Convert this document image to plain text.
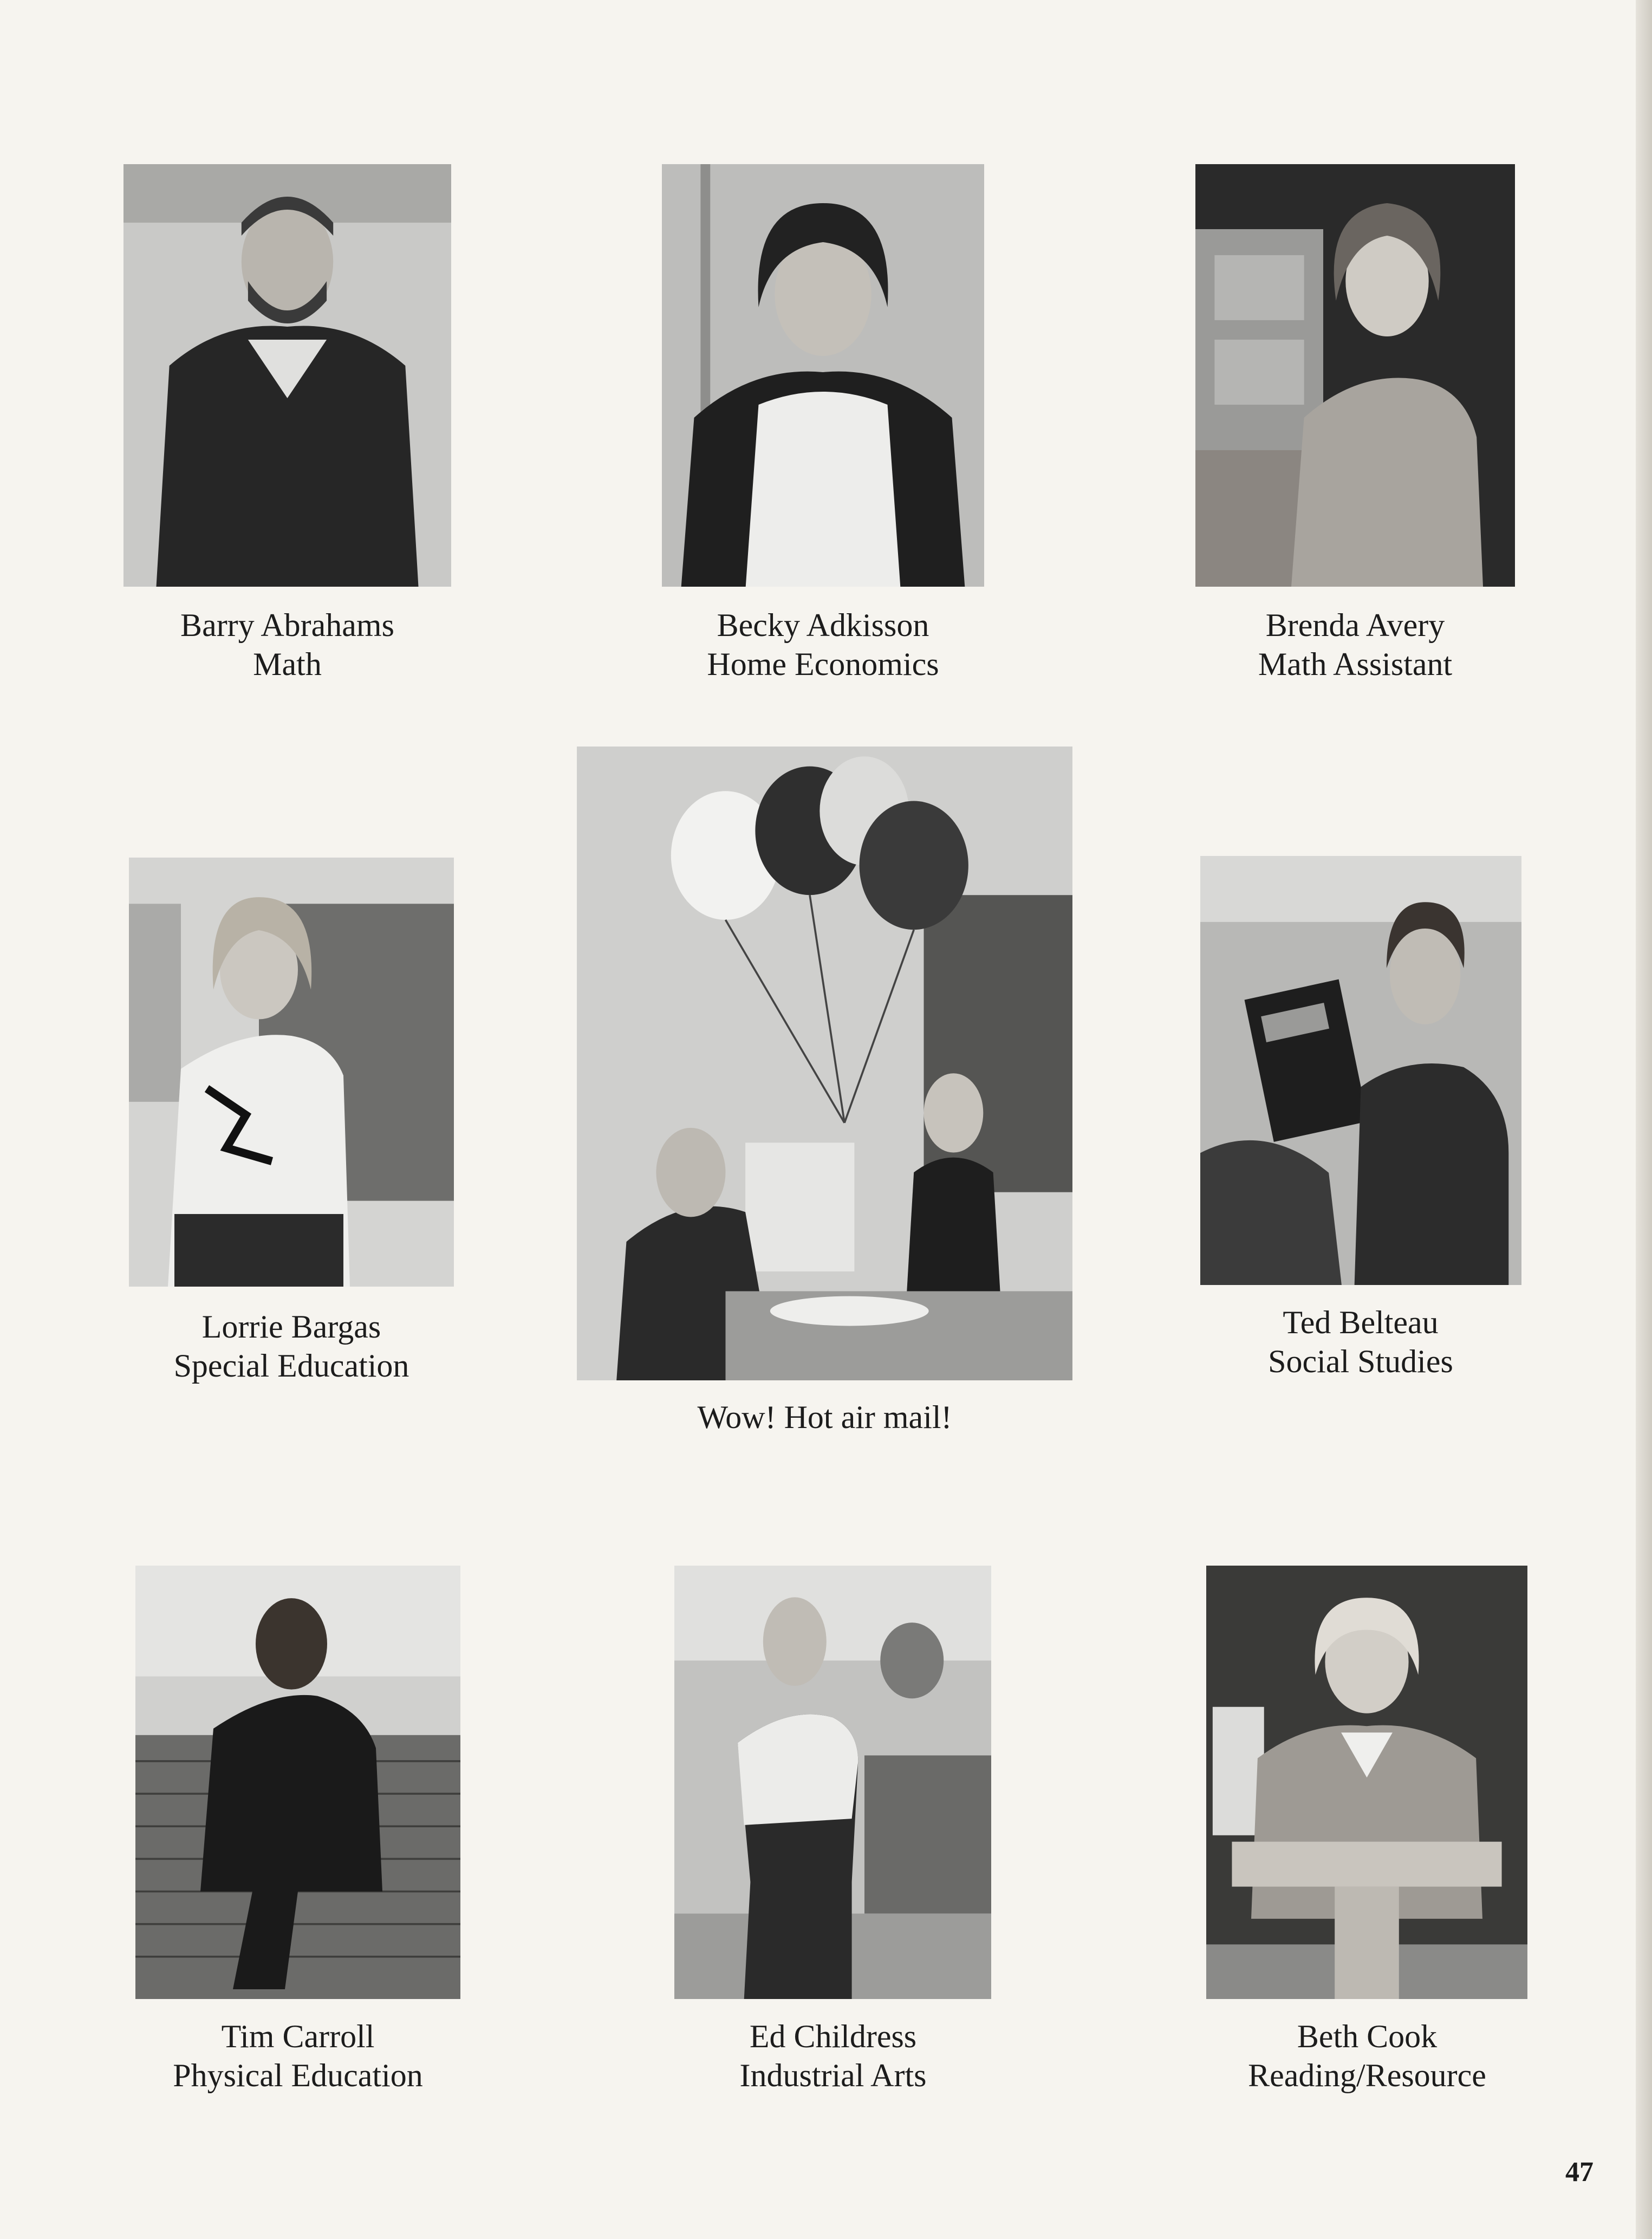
Barry Abrahams
Math
Becky Adkisson
Home Economics
Brenda Avery
Math Assistant
Lorrie Bargas
Special Education
Wow! Hot air mail!
Ted Belteau
Social Studies
Tim Carroll
Physical Education
Ed Childress
Industrial Arts
Beth Cook
Reading/Resource
47
